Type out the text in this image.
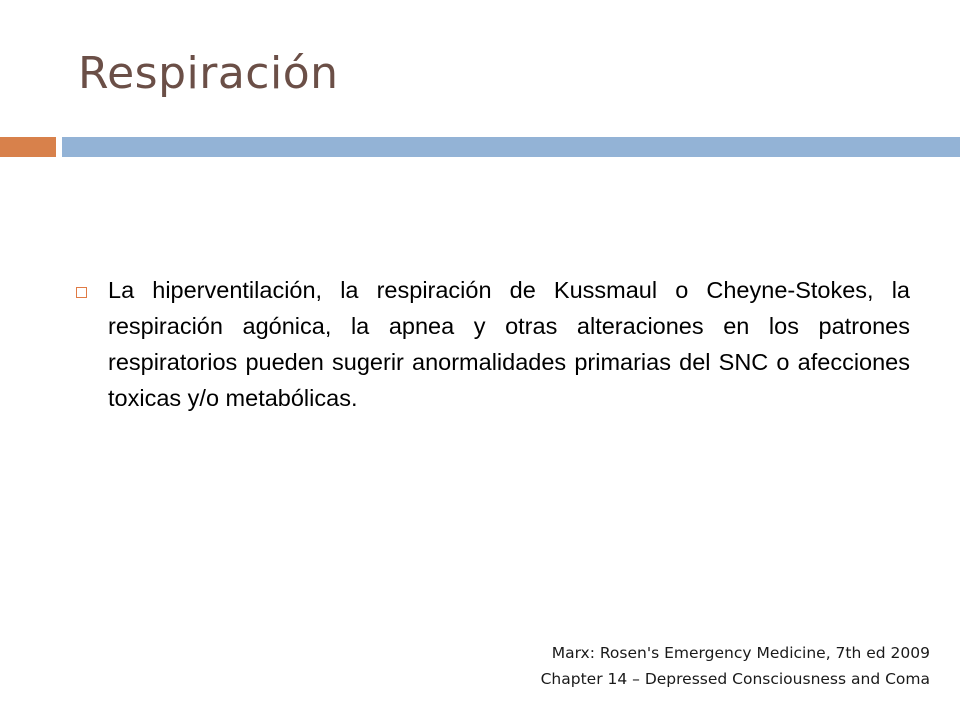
Respiración
La hiperventilación, la respiración de Kussmaul o Cheyne-Stokes, la respiración agónica, la apnea y otras alteraciones en los patrones respiratorios pueden sugerir anormalidades primarias del SNC o afecciones toxicas y/o metabólicas.
Marx: Rosen's Emergency Medicine, 7th ed 2009
Chapter 14 – Depressed Consciousness and Coma
